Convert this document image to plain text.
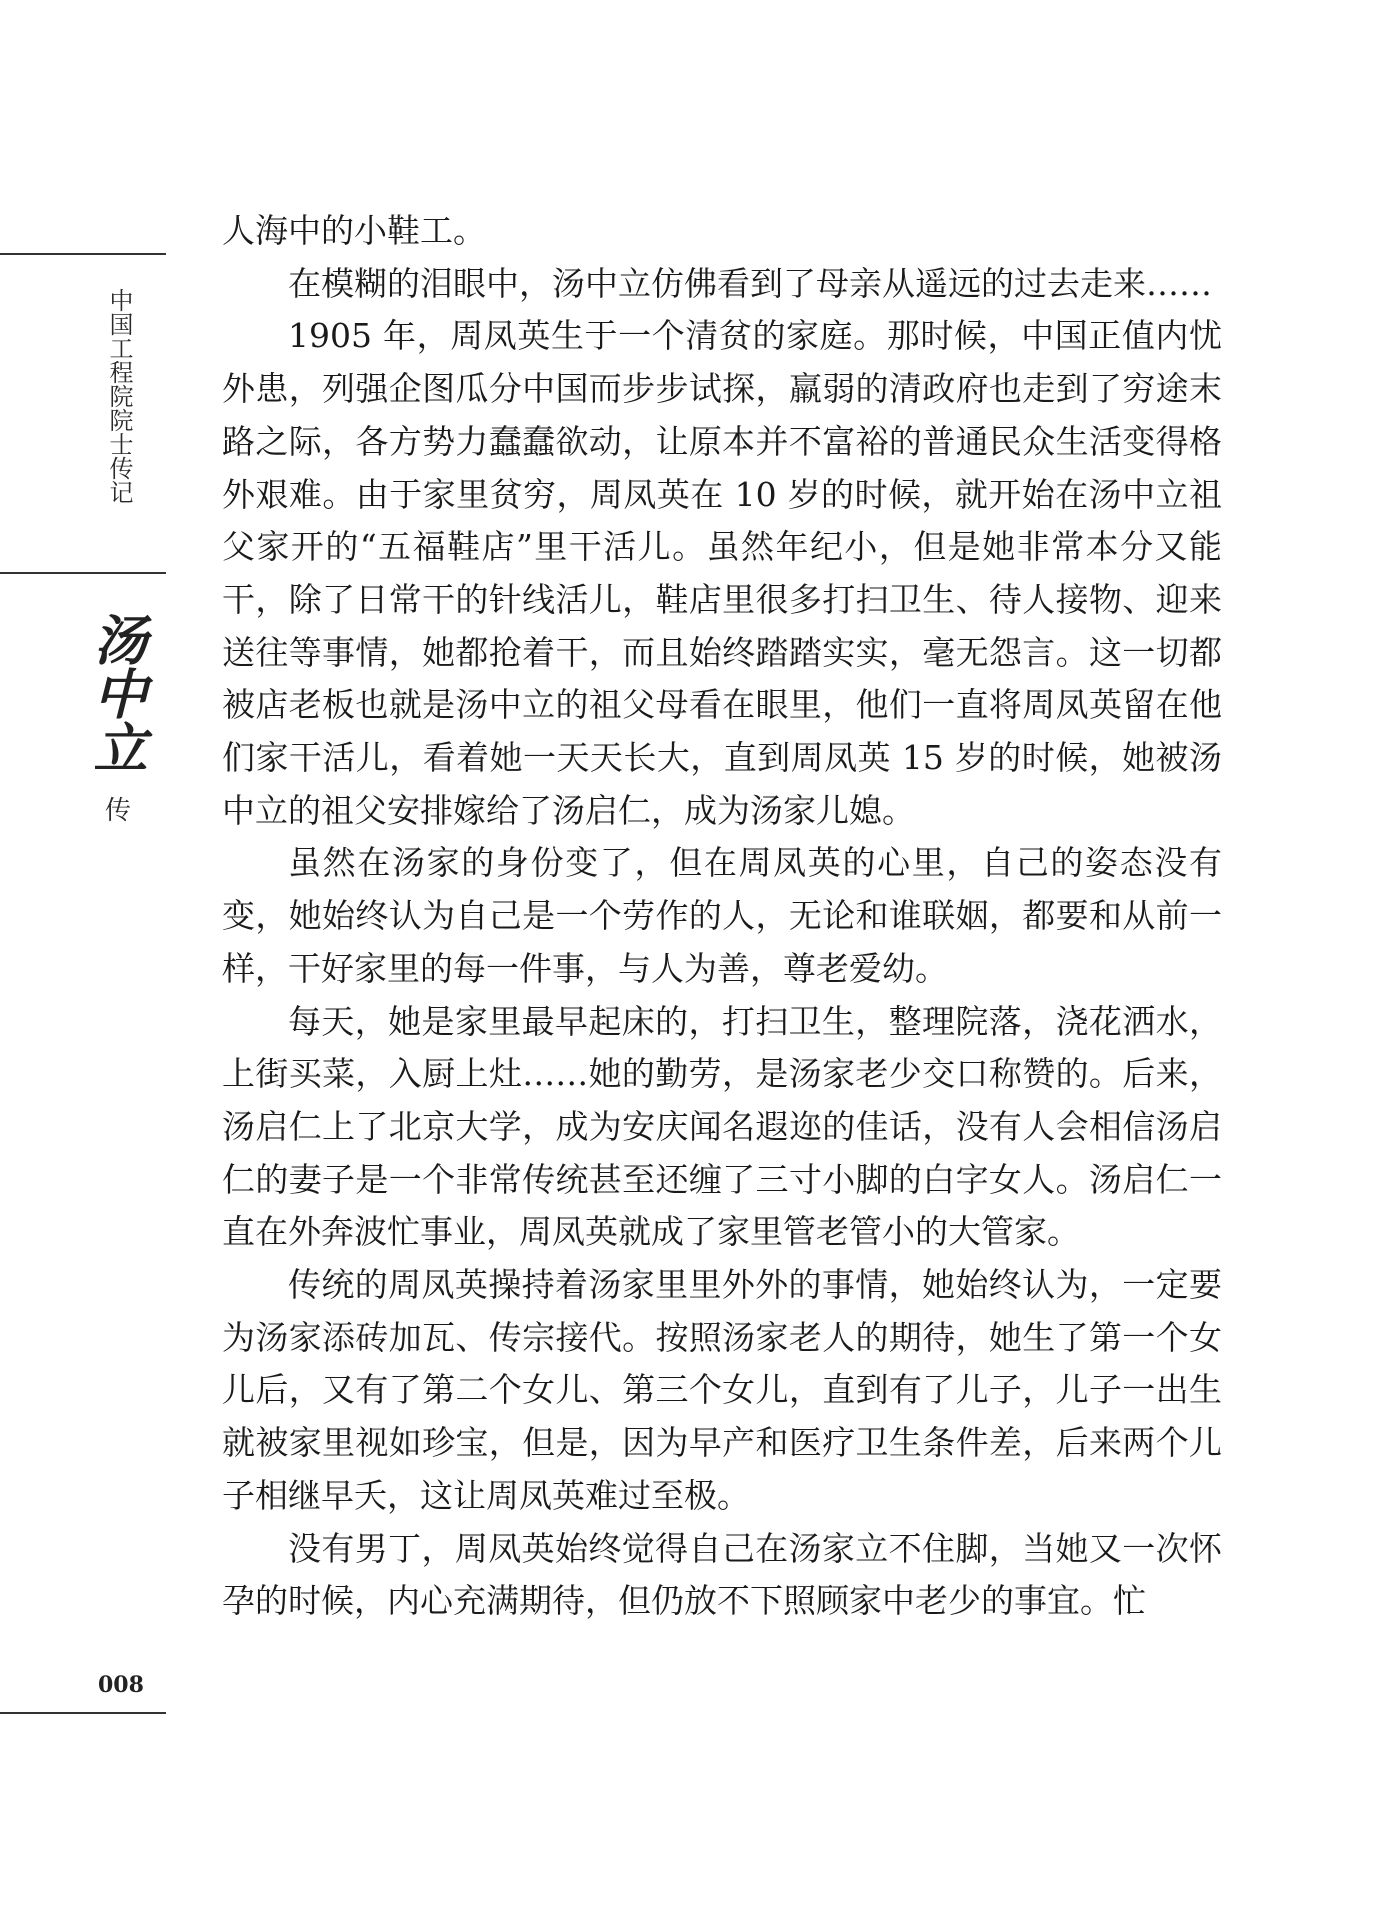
中国工程院院士传记
汤中立
传
008

人海中的小鞋工。

在模糊的泪眼中，汤中立仿佛看到了母亲从遥远的过去走来……

1905 年，周凤英生于一个清贫的家庭。那时候，中国正值内忧外患，列强企图瓜分中国而步步试探，羸弱的清政府也走到了穷途末路之际，各方势力蠢蠢欲动，让原本并不富裕的普通民众生活变得格外艰难。由于家里贫穷，周凤英在 10 岁的时候，就开始在汤中立祖父家开的“五福鞋店”里干活儿。虽然年纪小，但是她非常本分又能干，除了日常干的针线活儿，鞋店里很多打扫卫生、待人接物、迎来送往等事情，她都抢着干，而且始终踏踏实实，毫无怨言。这一切都被店老板也就是汤中立的祖父母看在眼里，他们一直将周凤英留在他们家干活儿，看着她一天天长大，直到周凤英 15 岁的时候，她被汤中立的祖父安排嫁给了汤启仁，成为汤家儿媳。

虽然在汤家的身份变了，但在周凤英的心里，自己的姿态没有变，她始终认为自己是一个劳作的人，无论和谁联姻，都要和从前一样，干好家里的每一件事，与人为善，尊老爱幼。

每天，她是家里最早起床的，打扫卫生，整理院落，浇花洒水，上街买菜，入厨上灶……她的勤劳，是汤家老少交口称赞的。后来，汤启仁上了北京大学，成为安庆闻名遐迩的佳话，没有人会相信汤启仁的妻子是一个非常传统甚至还缠了三寸小脚的白字女人。汤启仁一直在外奔波忙事业，周凤英就成了家里管老管小的大管家。

传统的周凤英操持着汤家里里外外的事情，她始终认为，一定要为汤家添砖加瓦、传宗接代。按照汤家老人的期待，她生了第一个女儿后，又有了第二个女儿、第三个女儿，直到有了儿子，儿子一出生就被家里视如珍宝，但是，因为早产和医疗卫生条件差，后来两个儿子相继早夭，这让周凤英难过至极。

没有男丁，周凤英始终觉得自己在汤家立不住脚，当她又一次怀孕的时候，内心充满期待，但仍放不下照顾家中老少的事宜。忙
